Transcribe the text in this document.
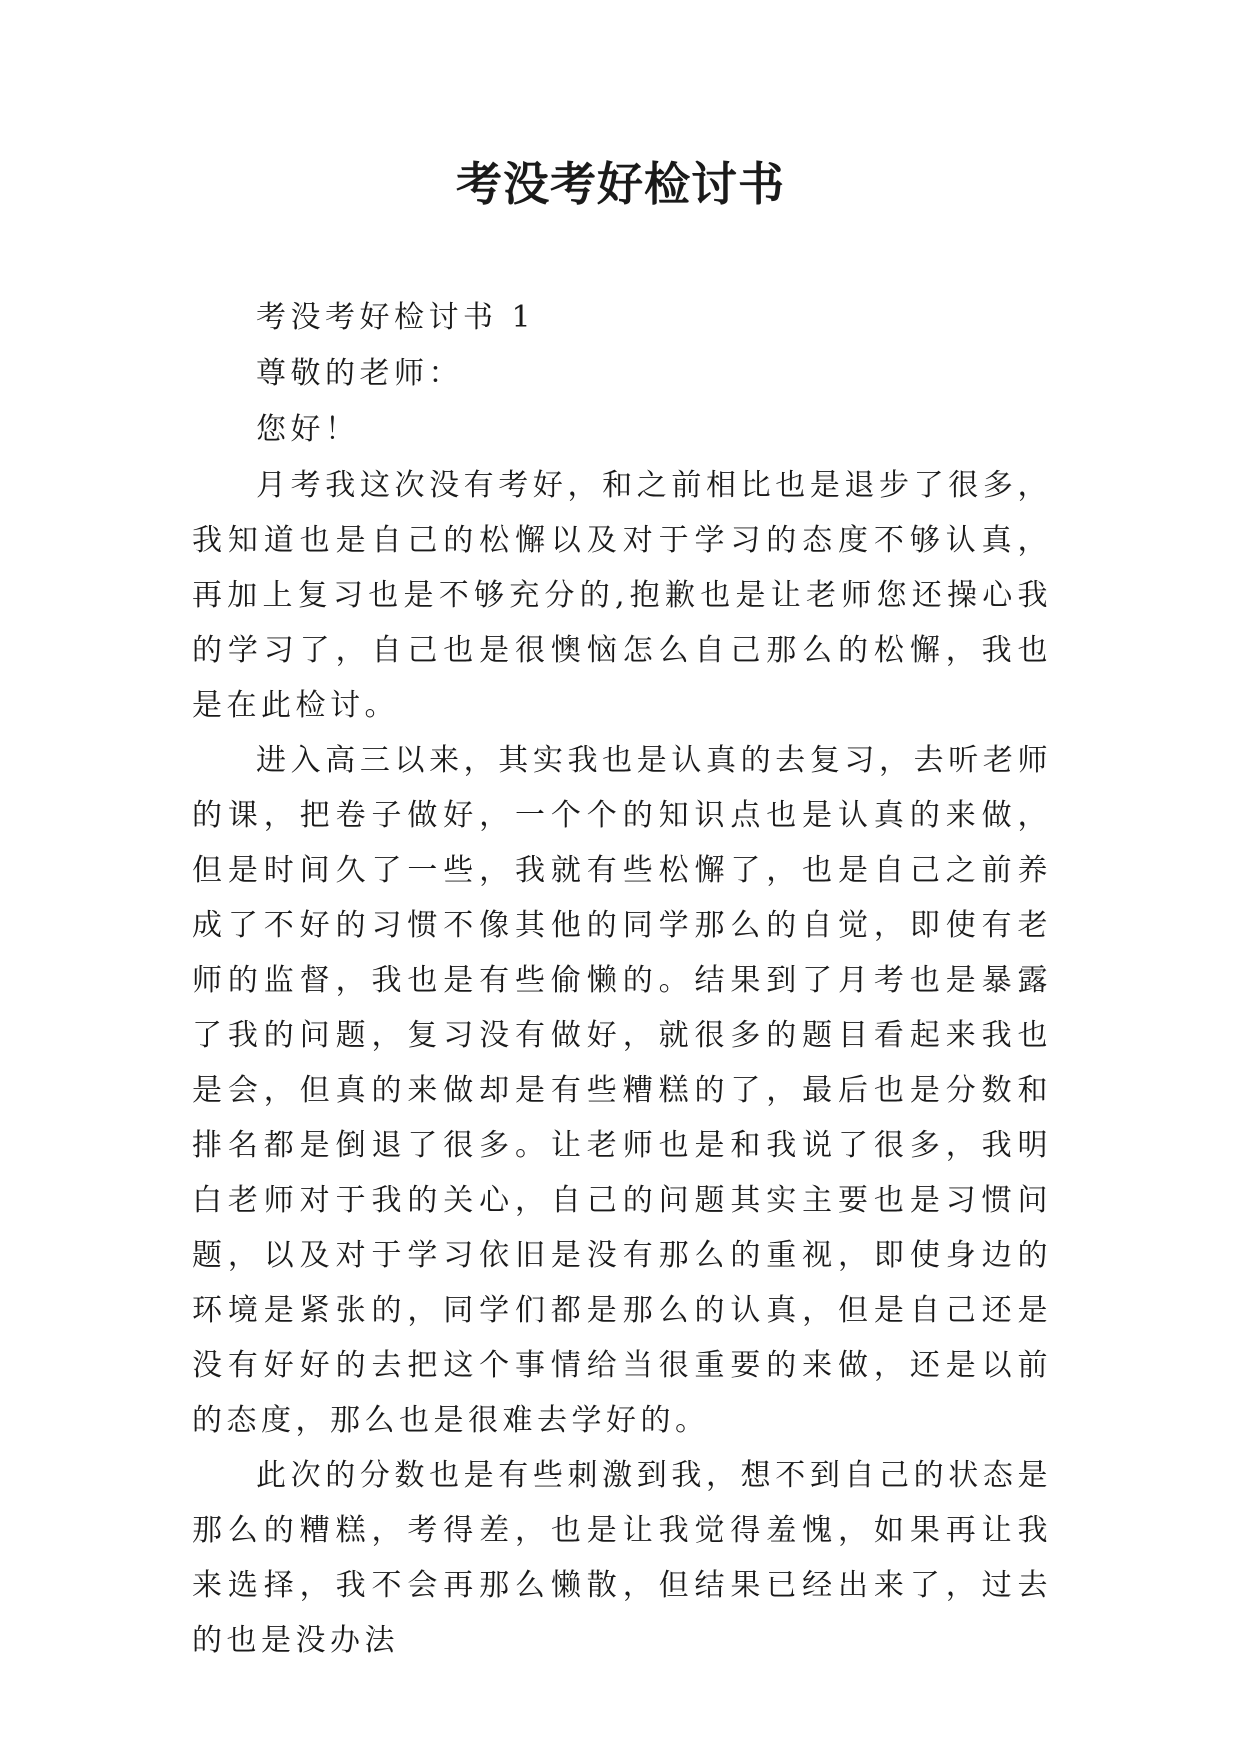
考没考好检讨书

考没考好检讨书 1

尊敬的老师：

您好！

月考我这次没有考好，和之前相比也是退步了很多，我知道也是自己的松懈以及对于学习的态度不够认真，再加上复习也是不够充分的,抱歉也是让老师您还操心我的学习了，自己也是很懊恼怎么自己那么的松懈，我也是在此检讨。

进入高三以来，其实我也是认真的去复习，去听老师的课，把卷子做好，一个个的知识点也是认真的来做，但是时间久了一些，我就有些松懈了，也是自己之前养成了不好的习惯不像其他的同学那么的自觉，即使有老师的监督，我也是有些偷懒的。结果到了月考也是暴露了我的问题，复习没有做好，就很多的题目看起来我也是会，但真的来做却是有些糟糕的了，最后也是分数和排名都是倒退了很多。让老师也是和我说了很多，我明白老师对于我的关心，自己的问题其实主要也是习惯问题，以及对于学习依旧是没有那么的重视，即使身边的环境是紧张的，同学们都是那么的认真，但是自己还是没有好好的去把这个事情给当很重要的来做，还是以前的态度，那么也是很难去学好的。

此次的分数也是有些刺激到我，想不到自己的状态是那么的糟糕，考得差，也是让我觉得羞愧，如果再让我来选择，我不会再那么懒散，但结果已经出来了，过去的也是没办法
